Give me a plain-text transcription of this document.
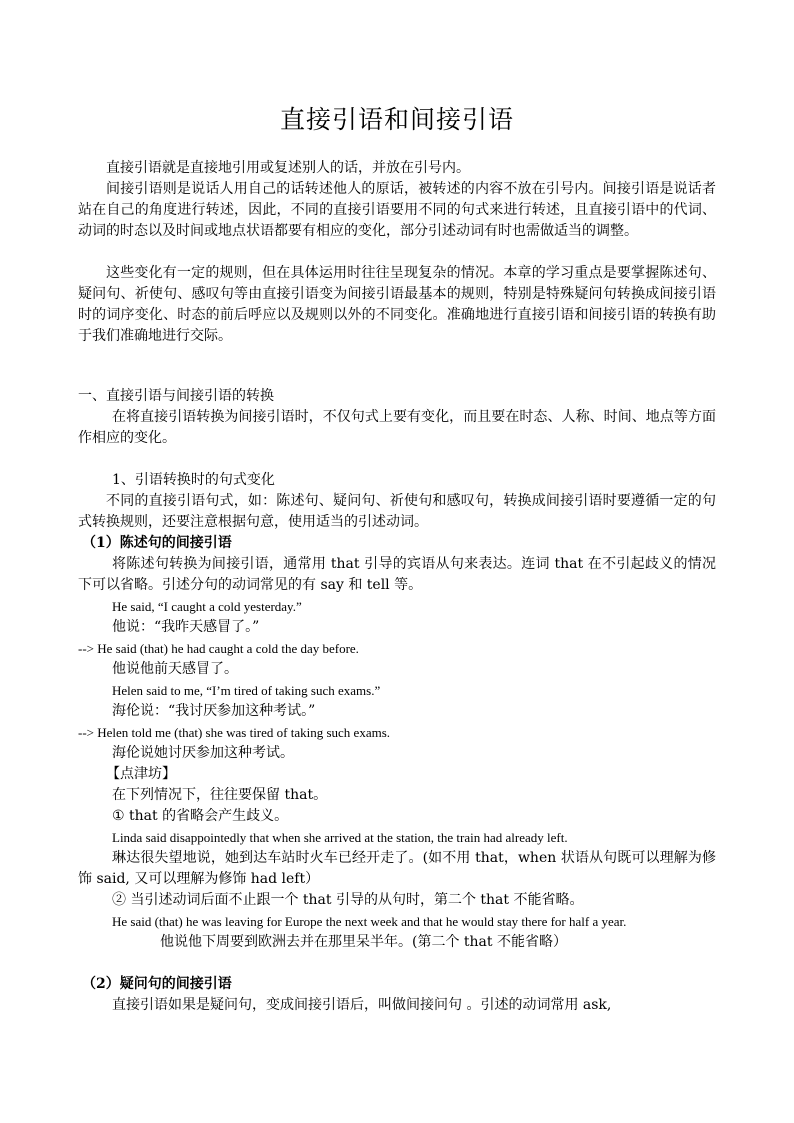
直接引语和间接引语
直接引语就是直接地引用或复述别人的话，并放在引号内。
间接引语则是说话人用自己的话转述他人的原话，被转述的内容不放在引号内。间接引语是说话者站在自己的角度进行转述，因此，不同的直接引语要用不同的句式来进行转述，且直接引语中的代词、动词的时态以及时间或地点状语都要有相应的变化，部分引述动词有时也需做适当的调整。
这些变化有一定的规则，但在具体运用时往往呈现复杂的情况。本章的学习重点是要掌握陈述句、疑问句、祈使句、感叹句等由直接引语变为间接引语最基本的规则，特别是特殊疑问句转换成间接引语时的词序变化、时态的前后呼应以及规则以外的不同变化。准确地进行直接引语和间接引语的转换有助于我们准确地进行交际。
一、直接引语与间接引语的转换
在将直接引语转换为间接引语时，不仅句式上要有变化，而且要在时态、人称、时间、地点等方面作相应的变化。
1、引语转换时的句式变化
不同的直接引语句式，如：陈述句、疑问句、祈使句和感叹句，转换成间接引语时要遵循一定的句式转换规则，还要注意根据句意，使用适当的引述动词。
（1）陈述句的间接引语
将陈述句转换为间接引语，通常用 that 引导的宾语从句来表达。连词 that 在不引起歧义的情况下可以省略。引述分句的动词常见的有 say 和 tell 等。
He said, “I caught a cold yesterday.”
他说：“我昨天感冒了。”
--> He said (that) he had caught a cold the day before.
他说他前天感冒了。
Helen said to me, “I’m tired of taking such exams.”
海伦说：“我讨厌参加这种考试。”
--> Helen told me (that) she was tired of taking such exams.
海伦说她讨厌参加这种考试。
【点津坊】
在下列情况下，往往要保留 that。
① that 的省略会产生歧义。
Linda said disappointedly that when she arrived at the station, the train had already left.
琳达很失望地说，她到达车站时火车已经开走了。(如不用 that，when 状语从句既可以理解为修饰 said, 又可以理解为修饰 had left）
② 当引述动词后面不止跟一个 that 引导的从句时，第二个 that 不能省略。
He said (that) he was leaving for Europe the next week and that he would stay there for half a year.
他说他下周要到欧洲去并在那里呆半年。(第二个 that 不能省略）
（2）疑问句的间接引语
直接引语如果是疑问句，变成间接引语后，叫做间接问句 。引述的动词常用 ask,
